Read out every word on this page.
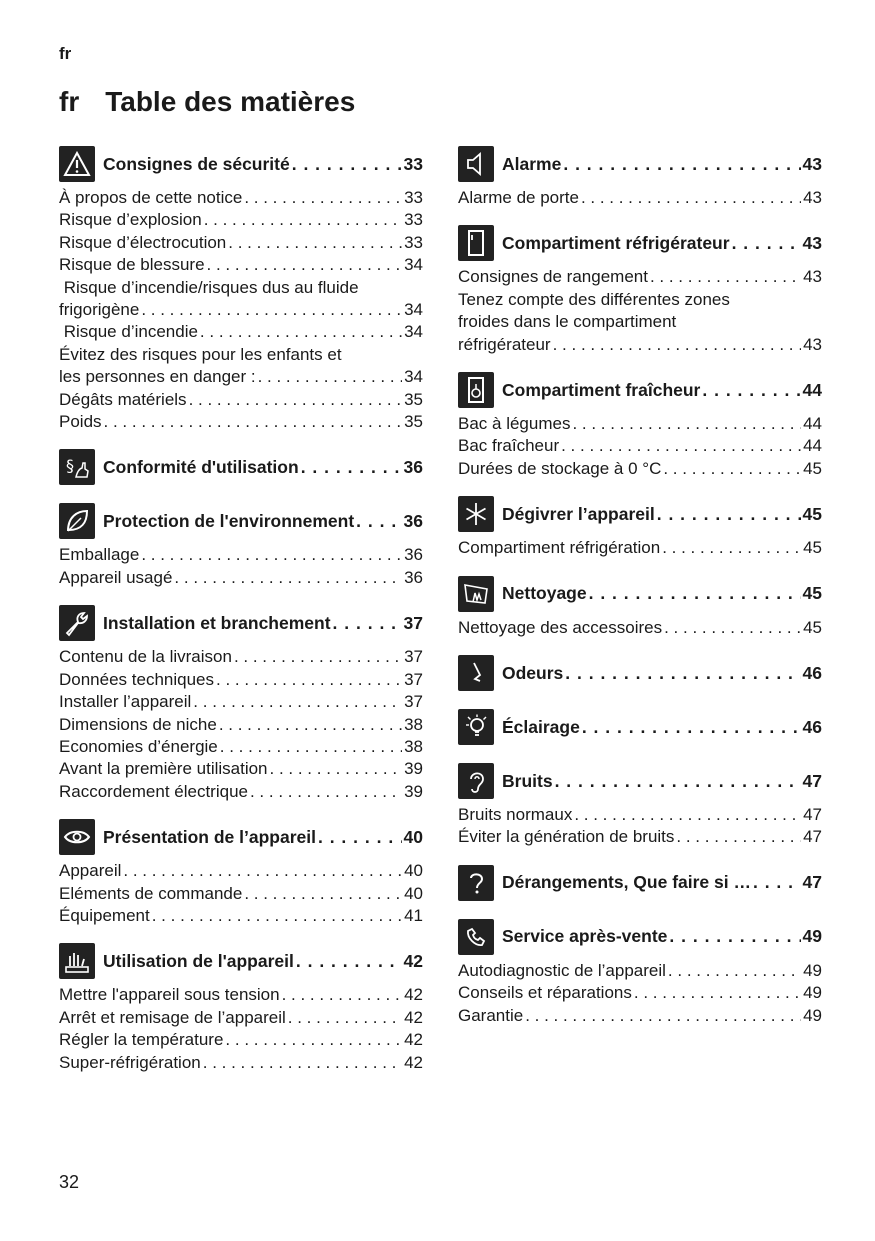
fr
fr Table des matières
Consignes de sécurité . . .	33
À propos de cette notice . . .	33
Risque d’explosion . . .	33
Risque d’électrocution . . .	33
Risque de blessure . . .	34
Risque d’incendie/risques dus au fluide
frigorigène . . .	34
Risque d’incendie . . .	34
Évitez des risques pour les enfants et
les personnes en danger : . . .	34
Dégâts matériels . . .	35
Poids . . .	35
§ Conformité d'utilisation . . .	36
Protection de l'environnement . . .	36
Emballage . . .	36
Appareil usagé . . .	36
Installation et branchement . . .	37
Contenu de la livraison . . .	37
Données techniques . . .	37
Installer l’appareil . . .	37
Dimensions de niche . . .	38
Economies d’énergie . . .	38
Avant la première utilisation . . .	39
Raccordement électrique . . .	39
Présentation de l’appareil . . .	40
Appareil . . .	40
Eléments de commande . . .	40
Équipement . . .	41
Utilisation de l'appareil . . .	42
Mettre l'appareil sous tension . . .	42
Arrêt et remisage de l’appareil . . .	42
Régler la température . . .	42
Super-réfrigération . . .	42
Alarme . . .	43
Alarme de porte . . .	43
Compartiment réfrigérateur . . .	43
Consignes de rangement . . .	43
Tenez compte des différentes zones
froides dans le compartiment
réfrigérateur . . .	43
Compartiment fraîcheur . . .	44
Bac à légumes . . .	44
Bac fraîcheur . . .	44
Durées de stockage à 0 °C . . .	45
Dégivrer l’appareil . . .	45
Compartiment réfrigération . . .	45
Nettoyage . . .	45
Nettoyage des accessoires . . .	45
Odeurs . . .	46
Éclairage . . .	46
Bruits . . .	47
Bruits normaux . . .	47
Éviter la génération de bruits . . .	47
Dérangements, Que faire si … . . .	47
Service après-vente . . .	49
Autodiagnostic de l’appareil . . .	49
Conseils et réparations . . .	49
Garantie . . .	49
32
